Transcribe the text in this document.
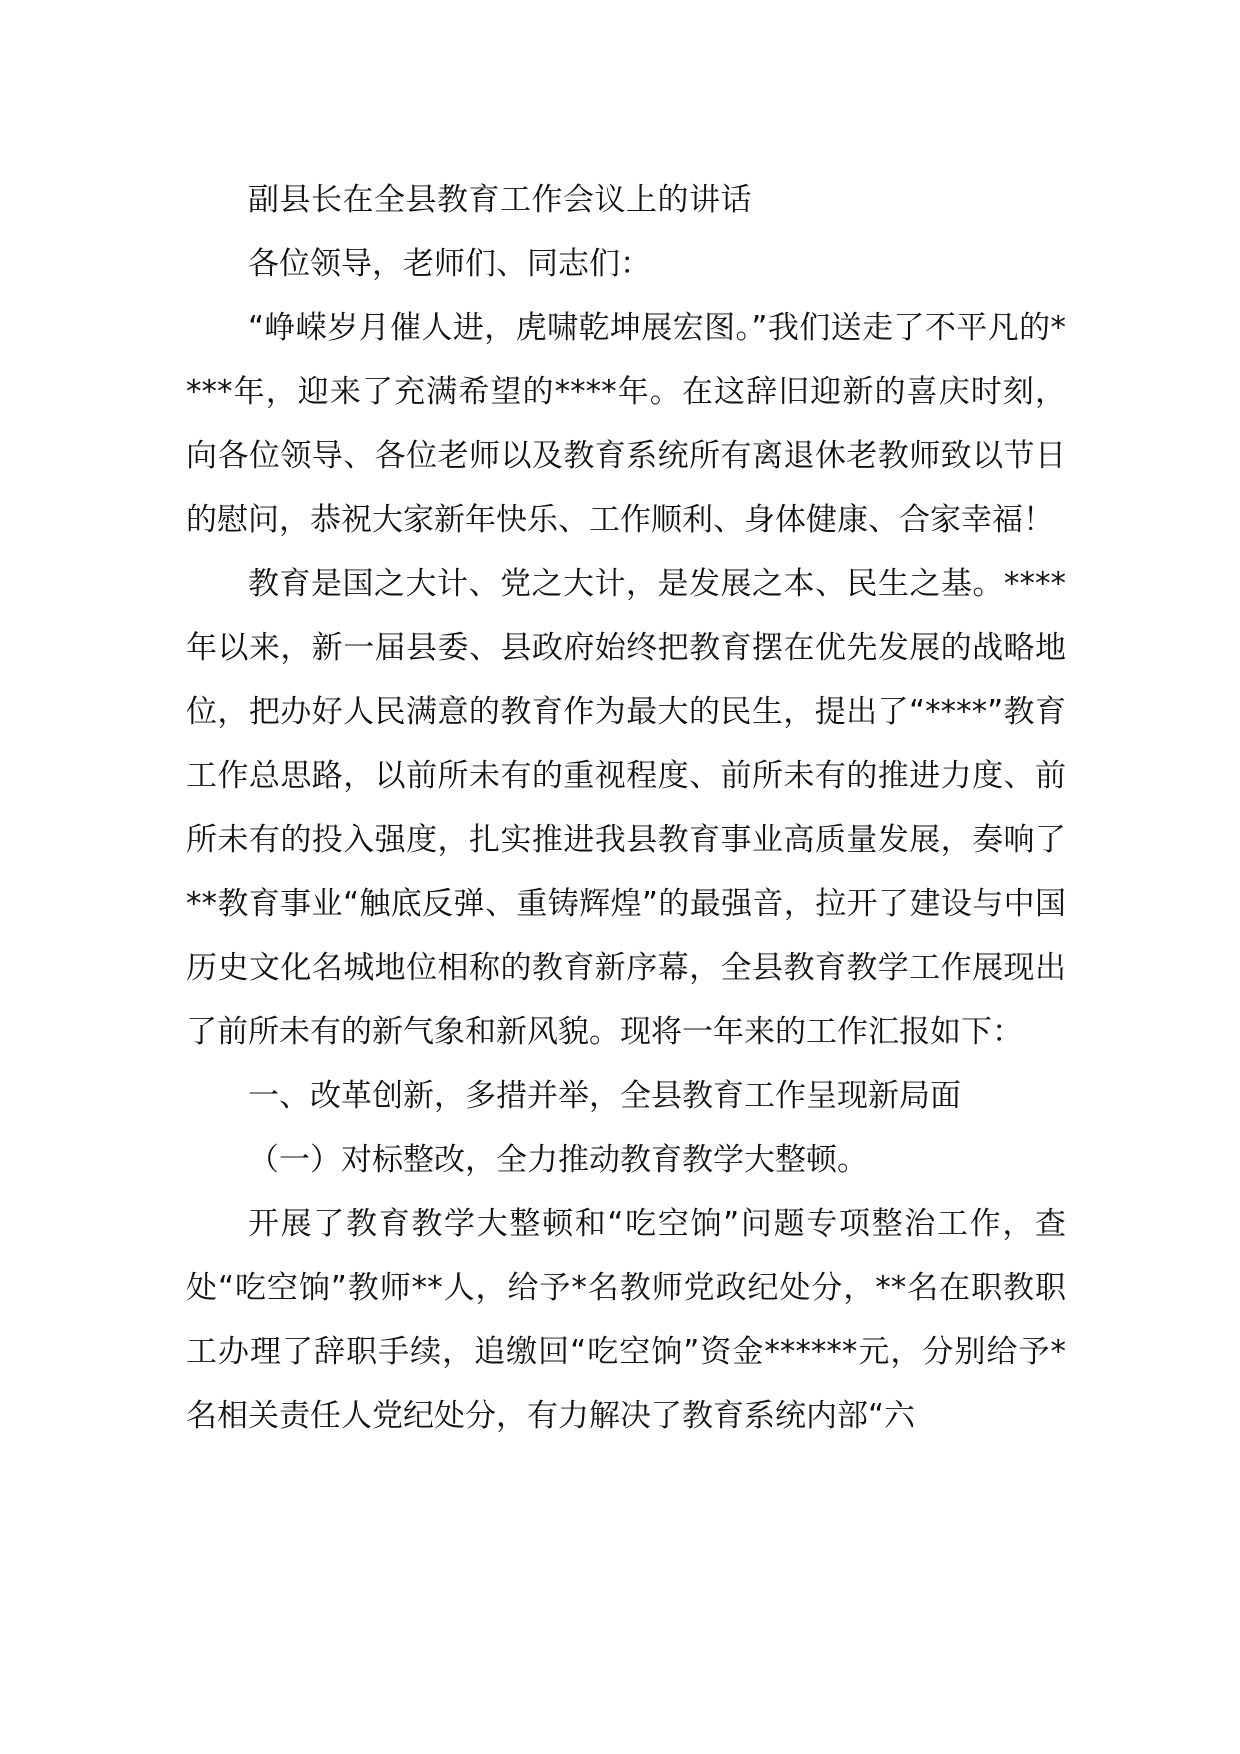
副县长在全县教育工作会议上的讲话

各位领导，老师们、同志们：

“峥嵘岁月催人进，虎啸乾坤展宏图。”我们送走了不平凡的****年，迎来了充满希望的****年。在这辞旧迎新的喜庆时刻，向各位领导、各位老师以及教育系统所有离退休老教师致以节日的慰问，恭祝大家新年快乐、工作顺利、身体健康、合家幸福！

教育是国之大计、党之大计，是发展之本、民生之基。****年以来，新一届县委、县政府始终把教育摆在优先发展的战略地位，把办好人民满意的教育作为最大的民生，提出了“****”教育工作总思路，以前所未有的重视程度、前所未有的推进力度、前所未有的投入强度，扎实推进我县教育事业高质量发展，奏响了**教育事业“触底反弹、重铸辉煌”的最强音，拉开了建设与中国历史文化名城地位相称的教育新序幕，全县教育教学工作展现出了前所未有的新气象和新风貌。现将一年来的工作汇报如下：

一、改革创新，多措并举，全县教育工作呈现新局面

（一）对标整改，全力推动教育教学大整顿。

开展了教育教学大整顿和“吃空饷”问题专项整治工作，查处“吃空饷”教师**人，给予*名教师党政纪处分，**名在职教职工办理了辞职手续，追缴回“吃空饷”资金******元，分别给予*名相关责任人党纪处分，有力解决了教育系统内部“六
